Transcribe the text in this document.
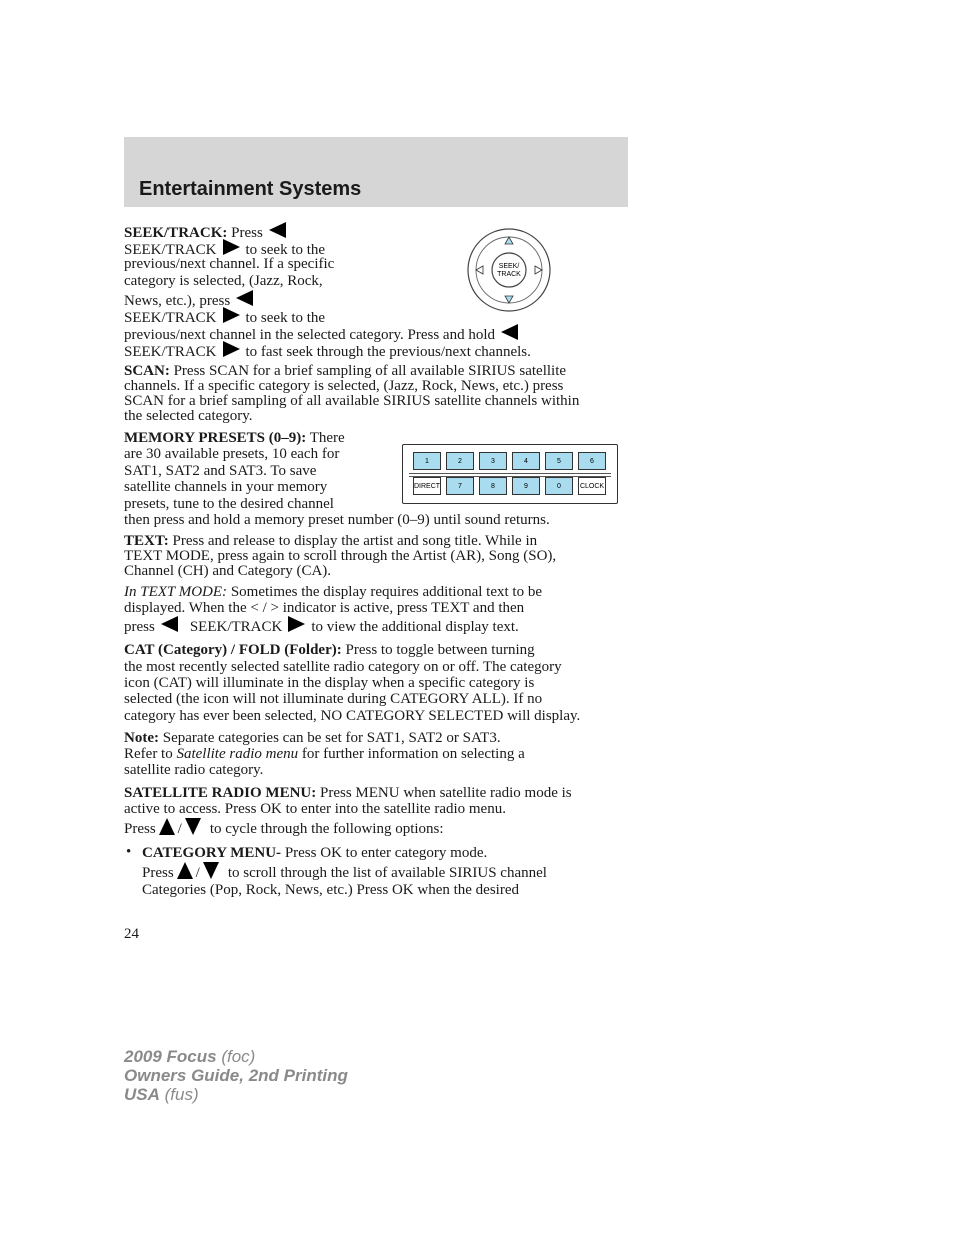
Entertainment Systems
SEEK/
TRACK
1	2	3	4	5	6
DIRECT	7	8	9	0	CLOCK
SEEK/TRACK: Press
SEEK/TRACK to seek to the
previous/next channel. If a specific
category is selected, (Jazz, Rock,
News, etc.), press
SEEK/TRACK to seek to the
previous/next channel in the selected category. Press and hold
SEEK/TRACK to fast seek through the previous/next channels.
SCAN: Press SCAN for a brief sampling of all available SIRIUS satellite
channels. If a specific category is selected, (Jazz, Rock, News, etc.) press
SCAN for a brief sampling of all available SIRIUS satellite channels within
the selected category.
MEMORY PRESETS (0–9): There
are 30 available presets, 10 each for
SAT1, SAT2 and SAT3. To save
satellite channels in your memory
presets, tune to the desired channel
then press and hold a memory preset number (0–9) until sound returns.
TEXT: Press and release to display the artist and song title. While in
TEXT MODE, press again to scroll through the Artist (AR), Song (SO),
Channel (CH) and Category (CA).
In TEXT MODE: Sometimes the display requires additional text to be
displayed. When the < / > indicator is active, press TEXT and then
press SEEK/TRACK to view the additional display text.
CAT (Category) / FOLD (Folder): Press to toggle between turning
the most recently selected satellite radio category on or off. The category
icon (CAT) will illuminate in the display when a specific category is
selected (the icon will not illuminate during CATEGORY ALL). If no
category has ever been selected, NO CATEGORY SELECTED will display.
Note: Separate categories can be set for SAT1, SAT2 or SAT3.
Refer to Satellite radio menu for further information on selecting a
satellite radio category.
SATELLITE RADIO MENU: Press MENU when satellite radio mode is
active to access. Press OK to enter into the satellite radio menu.
Press / to cycle through the following options:
• CATEGORY MENU- Press OK to enter category mode.
Press / to scroll through the list of available SIRIUS channel
Categories (Pop, Rock, News, etc.) Press OK when the desired

24

2009 Focus (foc)
Owners Guide, 2nd Printing
USA (fus)
